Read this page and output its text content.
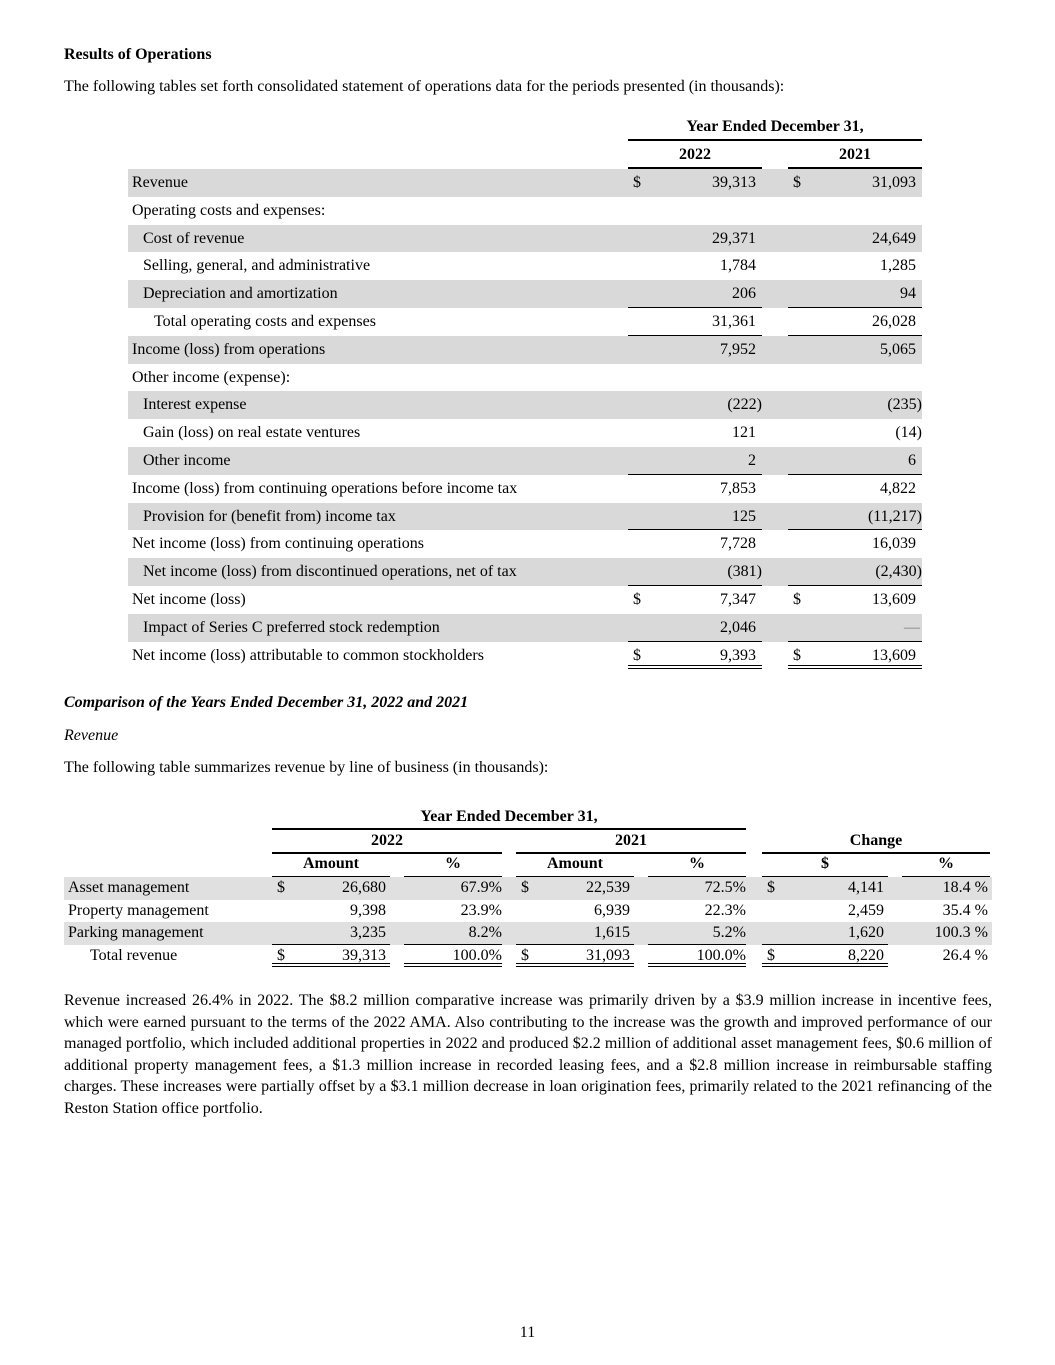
Results of Operations
The following tables set forth consolidated statement of operations data for the periods presented (in thousands):
Year Ended December 31,
2022	2021
Revenue	$	39,313 $	31,093
Operating costs and expenses:
Cost of revenue	29,371	24,649
Selling, general, and administrative	1,784	1,285
Depreciation and amortization	206	94
Total operating costs and expenses	31,361	26,028
Income (loss) from operations	7,952	5,065
Other income (expense):
Interest expense	(222)	(235)
Gain (loss) on real estate ventures	121	(14)
Other income	2	6
Income (loss) from continuing operations before income tax	7,853	4,822
Provision for (benefit from) income tax	125	(11,217)
Net income (loss) from continuing operations	7,728	16,039
Net income (loss) from discontinued operations, net of tax	(381)	(2,430)
Net income (loss)	$	7,347 $	13,609
Impact of Series C preferred stock redemption	2,046	—
Net income (loss) attributable to common stockholders	$	9,393 $	13,609
Comparison of the Years Ended December 31, 2022 and 2021
Revenue
The following table summarizes revenue by line of business (in thousands):
Year Ended December 31,
2022	2021	Change
Amount	%	Amount	%	$	%
Asset management	$	26,680	67.9% $	22,539	72.5% $	4,141	18.4 %
Property management	9,398	23.9%	6,939	22.3%	2,459	35.4 %
Parking management	3,235	8.2%	1,615	5.2%	1,620	100.3 %
Total revenue	$	39,313	100.0% $	31,093	100.0% $	8,220	26.4 %
Revenue increased 26.4% in 2022. The $8.2 million comparative increase was primarily driven by a $3.9 million increase in incentive fees, which were earned pursuant to the terms of the 2022 AMA. Also contributing to the increase was the growth and improved performance of our managed portfolio, which included additional properties in 2022 and produced $2.2 million of additional asset management fees, $0.6 million of additional property management fees, a $1.3 million increase in recorded leasing fees, and a $2.8 million increase in reimbursable staffing charges. These increases were partially offset by a $3.1 million decrease in loan origination fees, primarily related to the 2021 refinancing of the Reston Station office portfolio.
11
